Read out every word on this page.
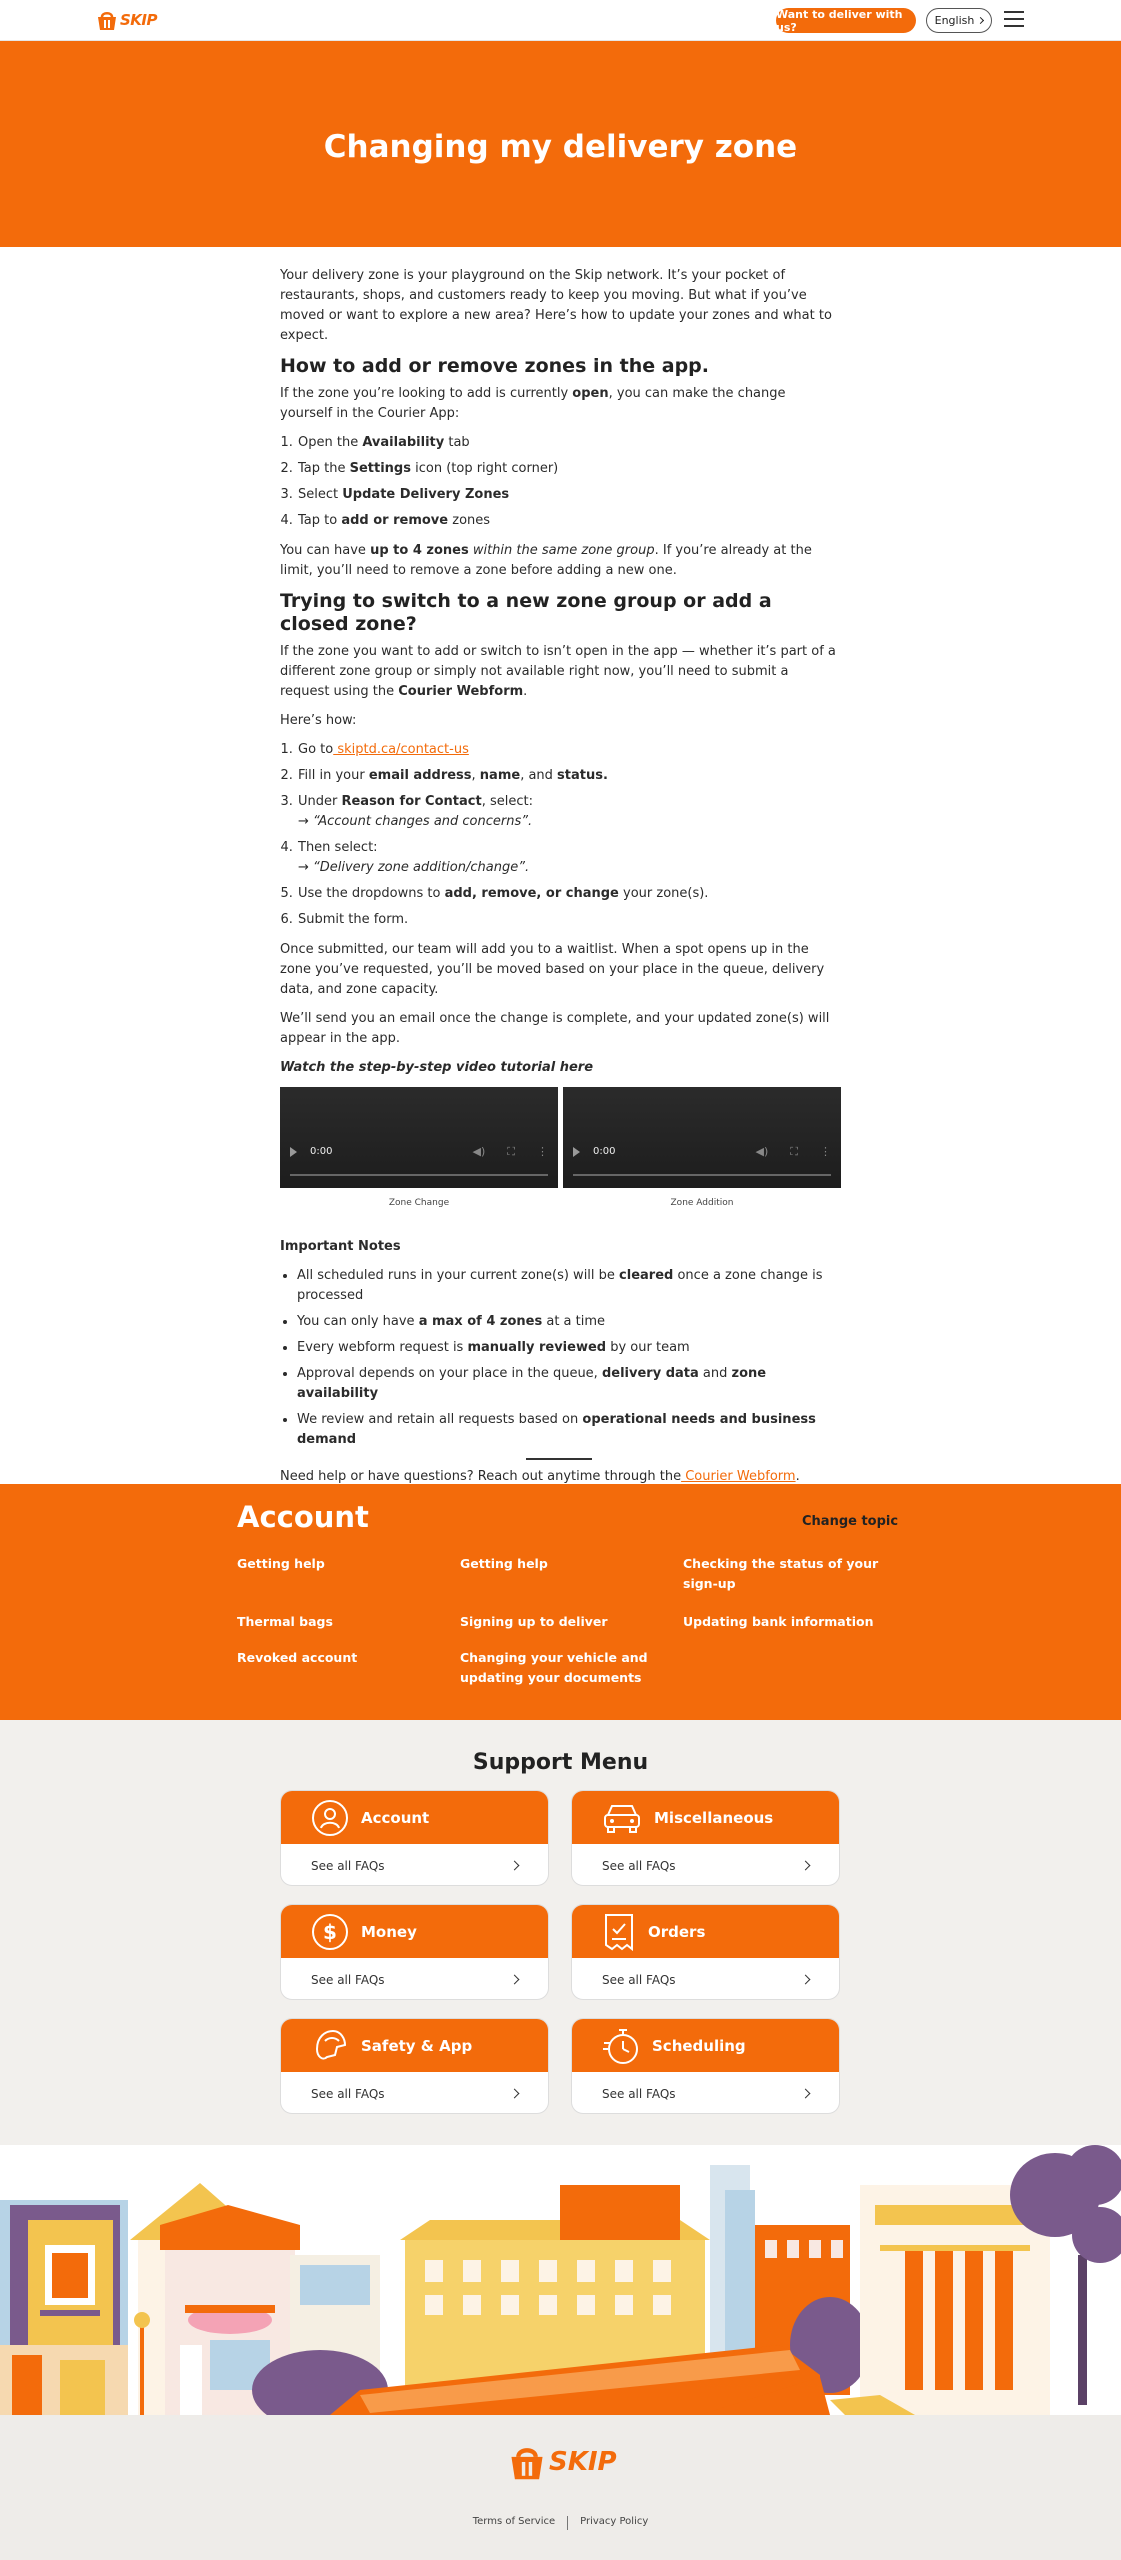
SKIP	Want to deliver with us?	English
Changing my delivery zone

Your delivery zone is your playground on the Skip network. It’s your pocket of restaurants, shops, and customers ready to keep you moving. But what if you’ve moved or want to explore a new area? Here’s how to update your zones and what to expect.

How to add or remove zones in the app.

If the zone you’re looking to add is currently open, you can make the change yourself in the Courier App:

1. Open the Availability tab
2. Tap the Settings icon (top right corner)
3. Select Update Delivery Zones
4. Tap to add or remove zones

You can have up to 4 zones within the same zone group. If you’re already at the limit, you’ll need to remove a zone before adding a new one.

Trying to switch to a new zone group or add a closed zone?

If the zone you want to add or switch to isn’t open in the app — whether it’s part of a different zone group or simply not available right now, you’ll need to submit a request using the Courier Webform.

Here’s how:

1. Go to skiptd.ca/contact-us
2. Fill in your email address, name, and status.
3. Under Reason for Contact, select:
→ “Account changes and concerns”.
4. Then select:
→ “Delivery zone addition/change”.
5. Use the dropdowns to add, remove, or change your zone(s).
6. Submit the form.

Once submitted, our team will add you to a waitlist. When a spot opens up in the zone you’ve requested, you’ll be moved based on your place in the queue, delivery data, and zone capacity.

We’ll send you an email once the change is complete, and your updated zone(s) will appear in the app.

Watch the step-by-step video tutorial here

0:00	◀) ⛶ ⋮
Zone Change
0:00	◀) ⛶ ⋮
Zone Addition

Important Notes

• All scheduled runs in your current zone(s) will be cleared once a zone change is processed
• You can only have a max of 4 zones at a time
• Every webform request is manually reviewed by our team
• Approval depends on your place in the queue, delivery data and zone availability
• We review and retain all requests based on operational needs and business demand

Need help or have questions? Reach out anytime through the Courier Webform.

Account	Change topic
Getting help	Getting help	Checking the status of your sign-up
Thermal bags	Signing up to deliver	Updating bank information
Revoked account	Changing your vehicle and updating your documents
Support Menu
Account
See all FAQs
Miscellaneous
See all FAQs
$ Money
See all FAQs
Orders
See all FAQs
Safety & App
See all FAQs
Scheduling
See all FAQs
SKIP
Terms of Service	Privacy Policy
